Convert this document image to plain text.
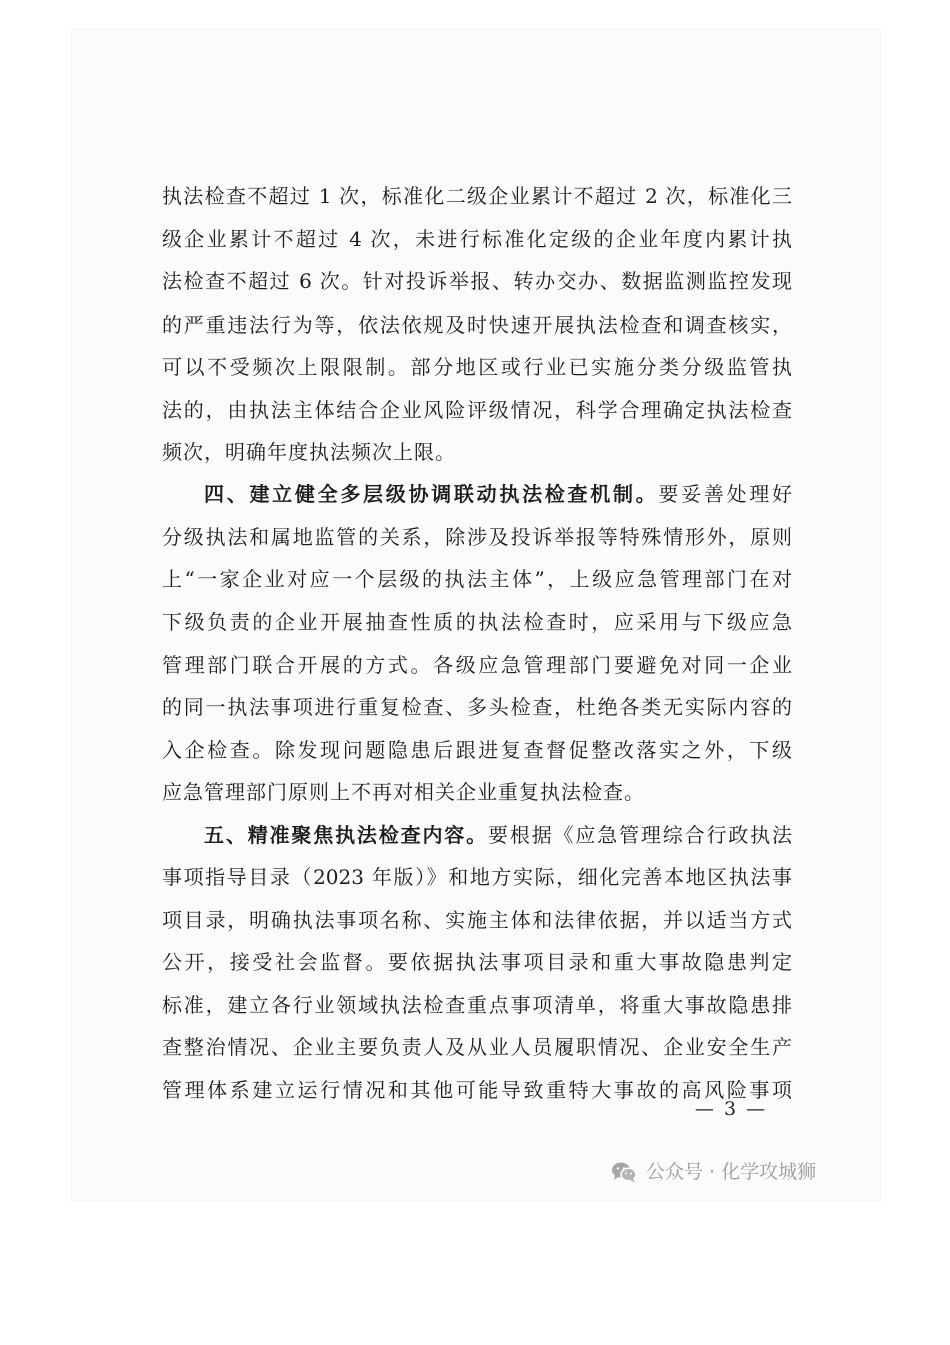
执法检查不超过 1 次，标准化二级企业累计不超过 2 次，标准化三
级企业累计不超过 4 次，未进行标准化定级的企业年度内累计执
法检查不超过 6 次。针对投诉举报、转办交办、数据监测监控发现
的严重违法行为等，依法依规及时快速开展执法检查和调查核实，
可以不受频次上限限制。部分地区或行业已实施分类分级监管执
法的，由执法主体结合企业风险评级情况，科学合理确定执法检查
频次，明确年度执法频次上限。
四、建立健全多层级协调联动执法检查机制。要妥善处理好
分级执法和属地监管的关系，除涉及投诉举报等特殊情形外，原则
上“一家企业对应一个层级的执法主体”，上级应急管理部门在对
下级负责的企业开展抽查性质的执法检查时，应采用与下级应急
管理部门联合开展的方式。各级应急管理部门要避免对同一企业
的同一执法事项进行重复检查、多头检查，杜绝各类无实际内容的
入企检查。除发现问题隐患后跟进复查督促整改落实之外，下级
应急管理部门原则上不再对相关企业重复执法检查。
五、精准聚焦执法检查内容。要根据《应急管理综合行政执法
事项指导目录（2023 年版）》和地方实际，细化完善本地区执法事
项目录，明确执法事项名称、实施主体和法律依据，并以适当方式
公开，接受社会监督。要依据执法事项目录和重大事故隐患判定
标准，建立各行业领域执法检查重点事项清单，将重大事故隐患排
查整治情况、企业主要负责人及从业人员履职情况、企业安全生产
管理体系建立运行情况和其他可能导致重特大事故的高风险事项
— 3 —
公众号 · 化学攻城狮
